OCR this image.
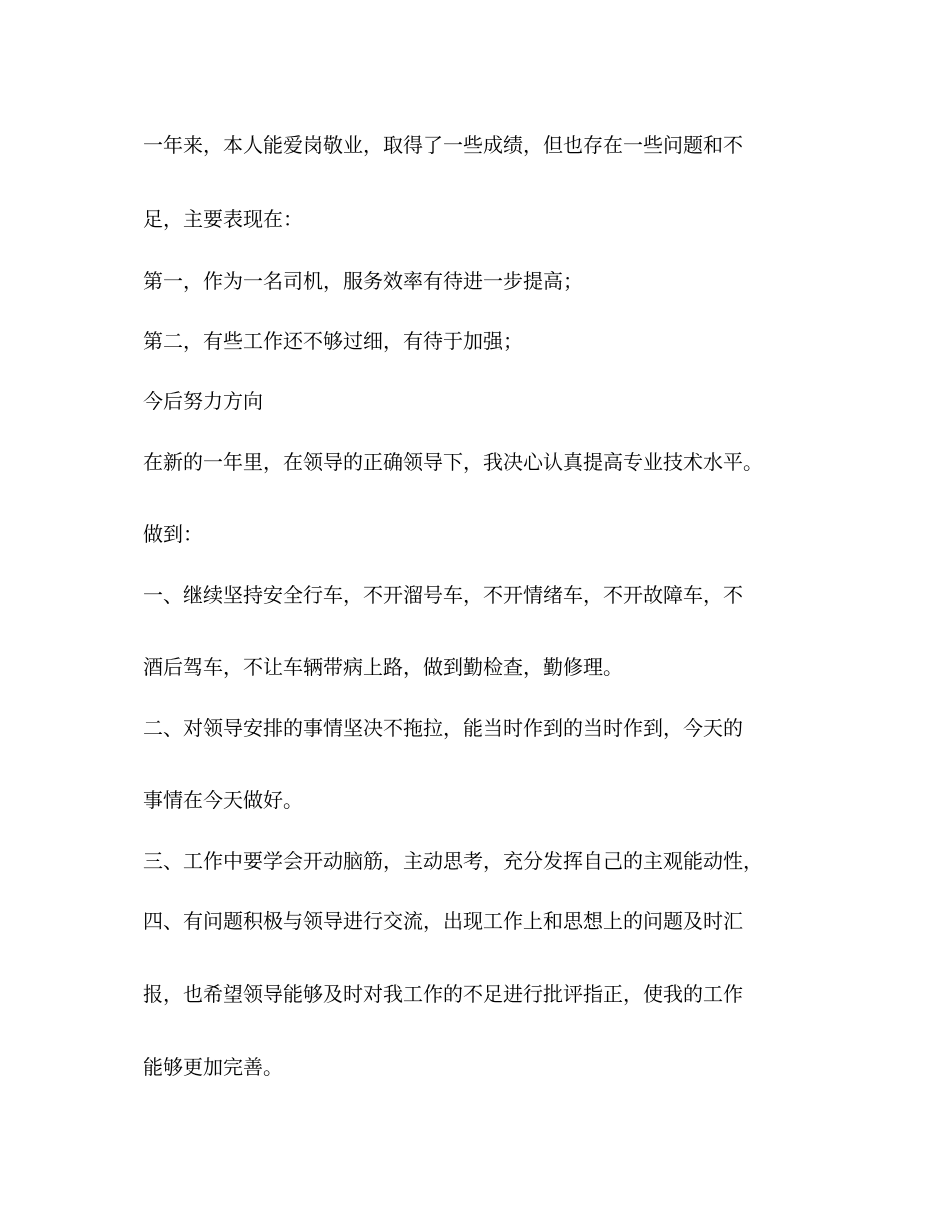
一年来，本人能爱岗敬业，取得了一些成绩，但也存在一些问题和不
足，主要表现在：
第一，作为一名司机，服务效率有待进一步提高；
第二，有些工作还不够过细，有待于加强；
今后努力方向
在新的一年里，在领导的正确领导下，我决心认真提高专业技术水平。
做到：
一、继续坚持安全行车，不开溜号车，不开情绪车，不开故障车，不
酒后驾车，不让车辆带病上路，做到勤检查，勤修理。
二、对领导安排的事情坚决不拖拉，能当时作到的当时作到，今天的
事情在今天做好。
三、工作中要学会开动脑筋，主动思考，充分发挥自己的主观能动性，
四、有问题积极与领导进行交流，出现工作上和思想上的问题及时汇
报，也希望领导能够及时对我工作的不足进行批评指正，使我的工作
能够更加完善。
